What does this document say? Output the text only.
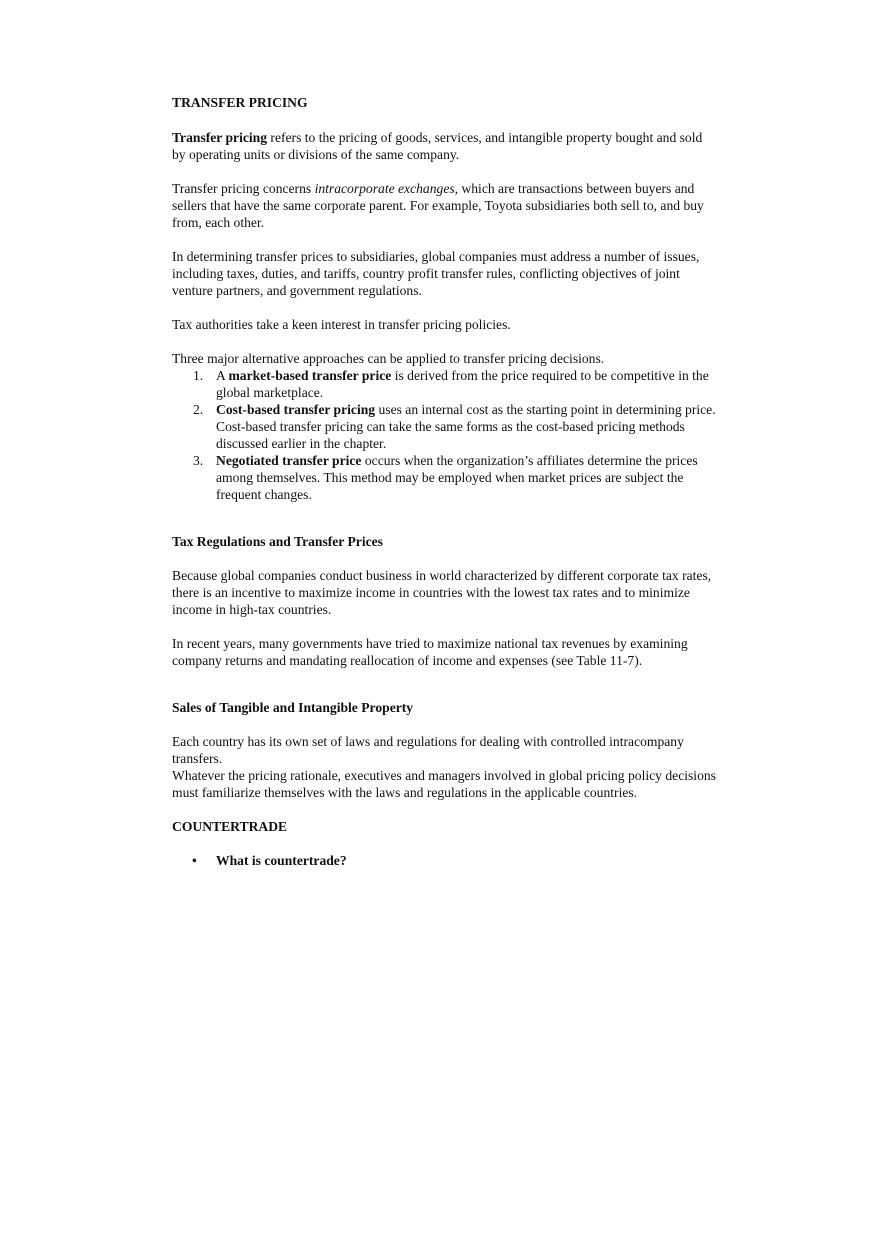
TRANSFER PRICING

Transfer pricing refers to the pricing of goods, services, and intangible property bought and sold by operating units or divisions of the same company.

Transfer pricing concerns intracorporate exchanges, which are transactions between buyers and sellers that have the same corporate parent. For example, Toyota subsidiaries both sell to, and buy from, each other.

In determining transfer prices to subsidiaries, global companies must address a number of issues, including taxes, duties, and tariffs, country profit transfer rules, conflicting objectives of joint venture partners, and government regulations.

Tax authorities take a keen interest in transfer pricing policies.

Three major alternative approaches can be applied to transfer pricing decisions.

1. A market-based transfer price is derived from the price required to be competitive in the global marketplace.
2. Cost-based transfer pricing uses an internal cost as the starting point in determining price. Cost-based transfer pricing can take the same forms as the cost-based pricing methods discussed earlier in the chapter.
3. Negotiated transfer price occurs when the organization’s affiliates determine the prices among themselves. This method may be employed when market prices are subject the frequent changes.

Tax Regulations and Transfer Prices

Because global companies conduct business in world characterized by different corporate tax rates, there is an incentive to maximize income in countries with the lowest tax rates and to minimize income in high-tax countries.

In recent years, many governments have tried to maximize national tax revenues by examining company returns and mandating reallocation of income and expenses (see Table 11-7).

Sales of Tangible and Intangible Property

Each country has its own set of laws and regulations for dealing with controlled intracompany transfers.

Whatever the pricing rationale, executives and managers involved in global pricing policy decisions must familiarize themselves with the laws and regulations in the applicable countries.

COUNTERTRADE

• What is countertrade?
